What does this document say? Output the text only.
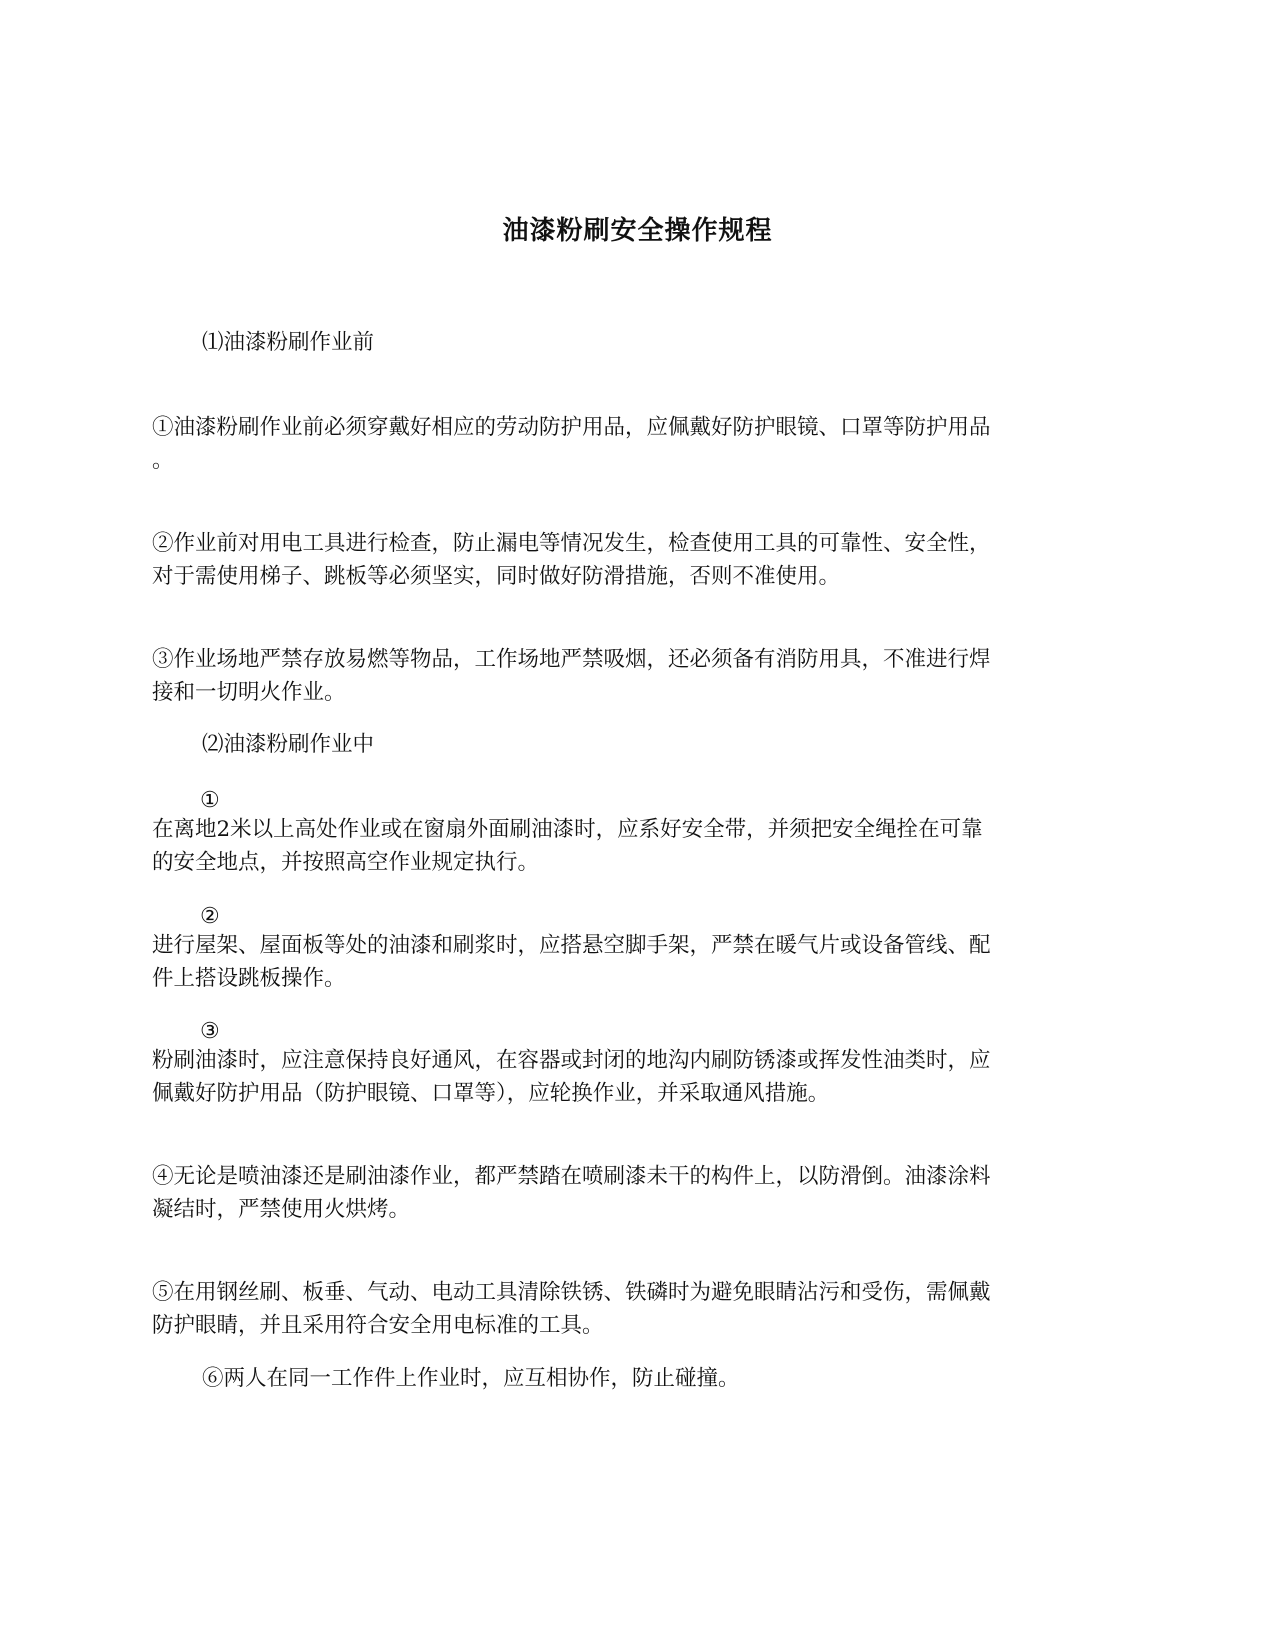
油漆粉刷安全操作规程

⑴油漆粉刷作业前

①油漆粉刷作业前必须穿戴好相应的劳动防护用品，应佩戴好防护眼镜、口罩等防护用品
。
②作业前对用电工具进行检查，防止漏电等情况发生，检查使用工具的可靠性、安全性，
对于需使用梯子、跳板等必须坚实，同时做好防滑措施，否则不准使用。
③作业场地严禁存放易燃等物品，工作场地严禁吸烟，还必须备有消防用具，不准进行焊
接和一切明火作业。

⑵油漆粉刷作业中

①
在离地2米以上高处作业或在窗扇外面刷油漆时，应系好安全带，并须把安全绳拴在可靠
的安全地点，并按照高空作业规定执行。
②
进行屋架、屋面板等处的油漆和刷浆时，应搭悬空脚手架，严禁在暖气片或设备管线、配
件上搭设跳板操作。
③
粉刷油漆时，应注意保持良好通风，在容器或封闭的地沟内刷防锈漆或挥发性油类时，应
佩戴好防护用品（防护眼镜、口罩等），应轮换作业，并采取通风措施。
④无论是喷油漆还是刷油漆作业，都严禁踏在喷刷漆未干的构件上，以防滑倒。油漆涂料
凝结时，严禁使用火烘烤。
⑤在用钢丝刷、板垂、气动、电动工具清除铁锈、铁磷时为避免眼睛沾污和受伤，需佩戴
防护眼睛，并且采用符合安全用电标准的工具。

⑥两人在同一工作件上作业时，应互相协作，防止碰撞。
